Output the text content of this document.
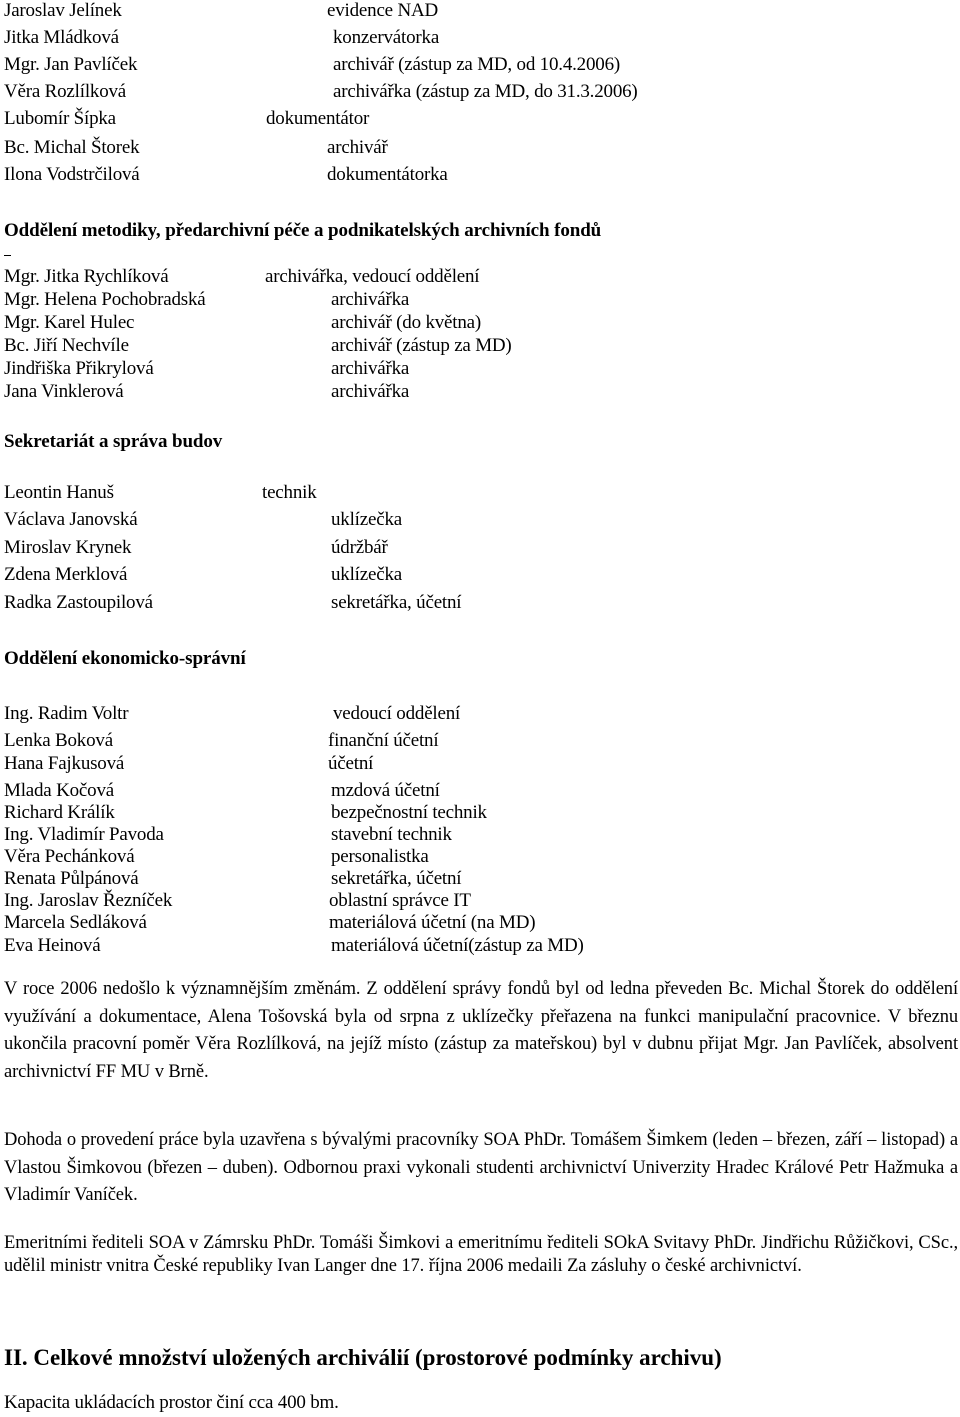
Jaroslav Jelínek	evidence NAD
Jitka Mládková	konzervátorka
Mgr. Jan Pavlíček	archivář (zástup za MD, od 10.4.2006)
Věra Rozlílková	archivářka (zástup za MD, do 31.3.2006)
Lubomír Šípka	dokumentátor
Bc. Michal Štorek	archivář
Ilona Vodstrčilová	dokumentátorka
Oddělení metodiky, předarchivní péče a podnikatelských archivních fondů
Mgr. Jitka Rychlíková	archivářka, vedoucí oddělení
Mgr. Helena Pochobradská	archivářka
Mgr. Karel Hulec	archivář (do května)
Bc. Jiří Nechvíle	archivář (zástup za MD)
Jindřiška Přikrylová	archivářka
Jana Vinklerová	archivářka
Sekretariát a správa budov
Leontin Hanuš	technik
Václava Janovská	uklízečka
Miroslav Krynek	údržbář
Zdena Merklová	uklízečka
Radka Zastoupilová	sekretářka, účetní
Oddělení ekonomicko-správní
Ing. Radim Voltr	vedoucí oddělení
Lenka Boková	finanční účetní
Hana Fajkusová	účetní
Mlada Kočová	mzdová účetní
Richard Králík	bezpečnostní technik
Ing. Vladimír Pavoda	stavební technik
Věra Pechánková	personalistka
Renata Půlpánová	sekretářka, účetní
Ing. Jaroslav Řezníček	oblastní správce IT
Marcela Sedláková	materiálová účetní (na MD)
Eva Heinová	materiálová účetní(zástup za MD)

V roce 2006 nedošlo k významnějším změnám. Z oddělení správy fondů byl od ledna převeden Bc. Michal Štorek do oddělení využívání a dokumentace, Alena Tošovská byla od srpna z uklízečky přeřazena na funkci manipulační pracovnice. V březnu ukončila pracovní poměr Věra Rozlílková, na jejíž místo (zástup za mateřskou) byl v dubnu přijat Mgr. Jan Pavlíček, absolvent archivnictví FF MU v Brně.

Dohoda o provedení práce byla uzavřena s bývalými pracovníky SOA PhDr. Tomášem Šimkem (leden – březen, září – listopad) a Vlastou Šimkovou (březen – duben). Odbornou praxi vykonali studenti archivnictví Univerzity Hradec Králové Petr Hažmuka a Vladimír Vaníček.

Emeritními řediteli SOA v Zámrsku PhDr. Tomáši Šimkovi a emeritnímu řediteli SOkA Svitavy PhDr. Jindřichu Růžičkovi, CSc., udělil ministr vnitra České republiky Ivan Langer dne 17. října 2006 medaili Za zásluhy o české archivnictví.

II. Celkové množství uložených archiválií (prostorové podmínky archivu)
Kapacita ukládacích prostor činí cca 400 bm.
